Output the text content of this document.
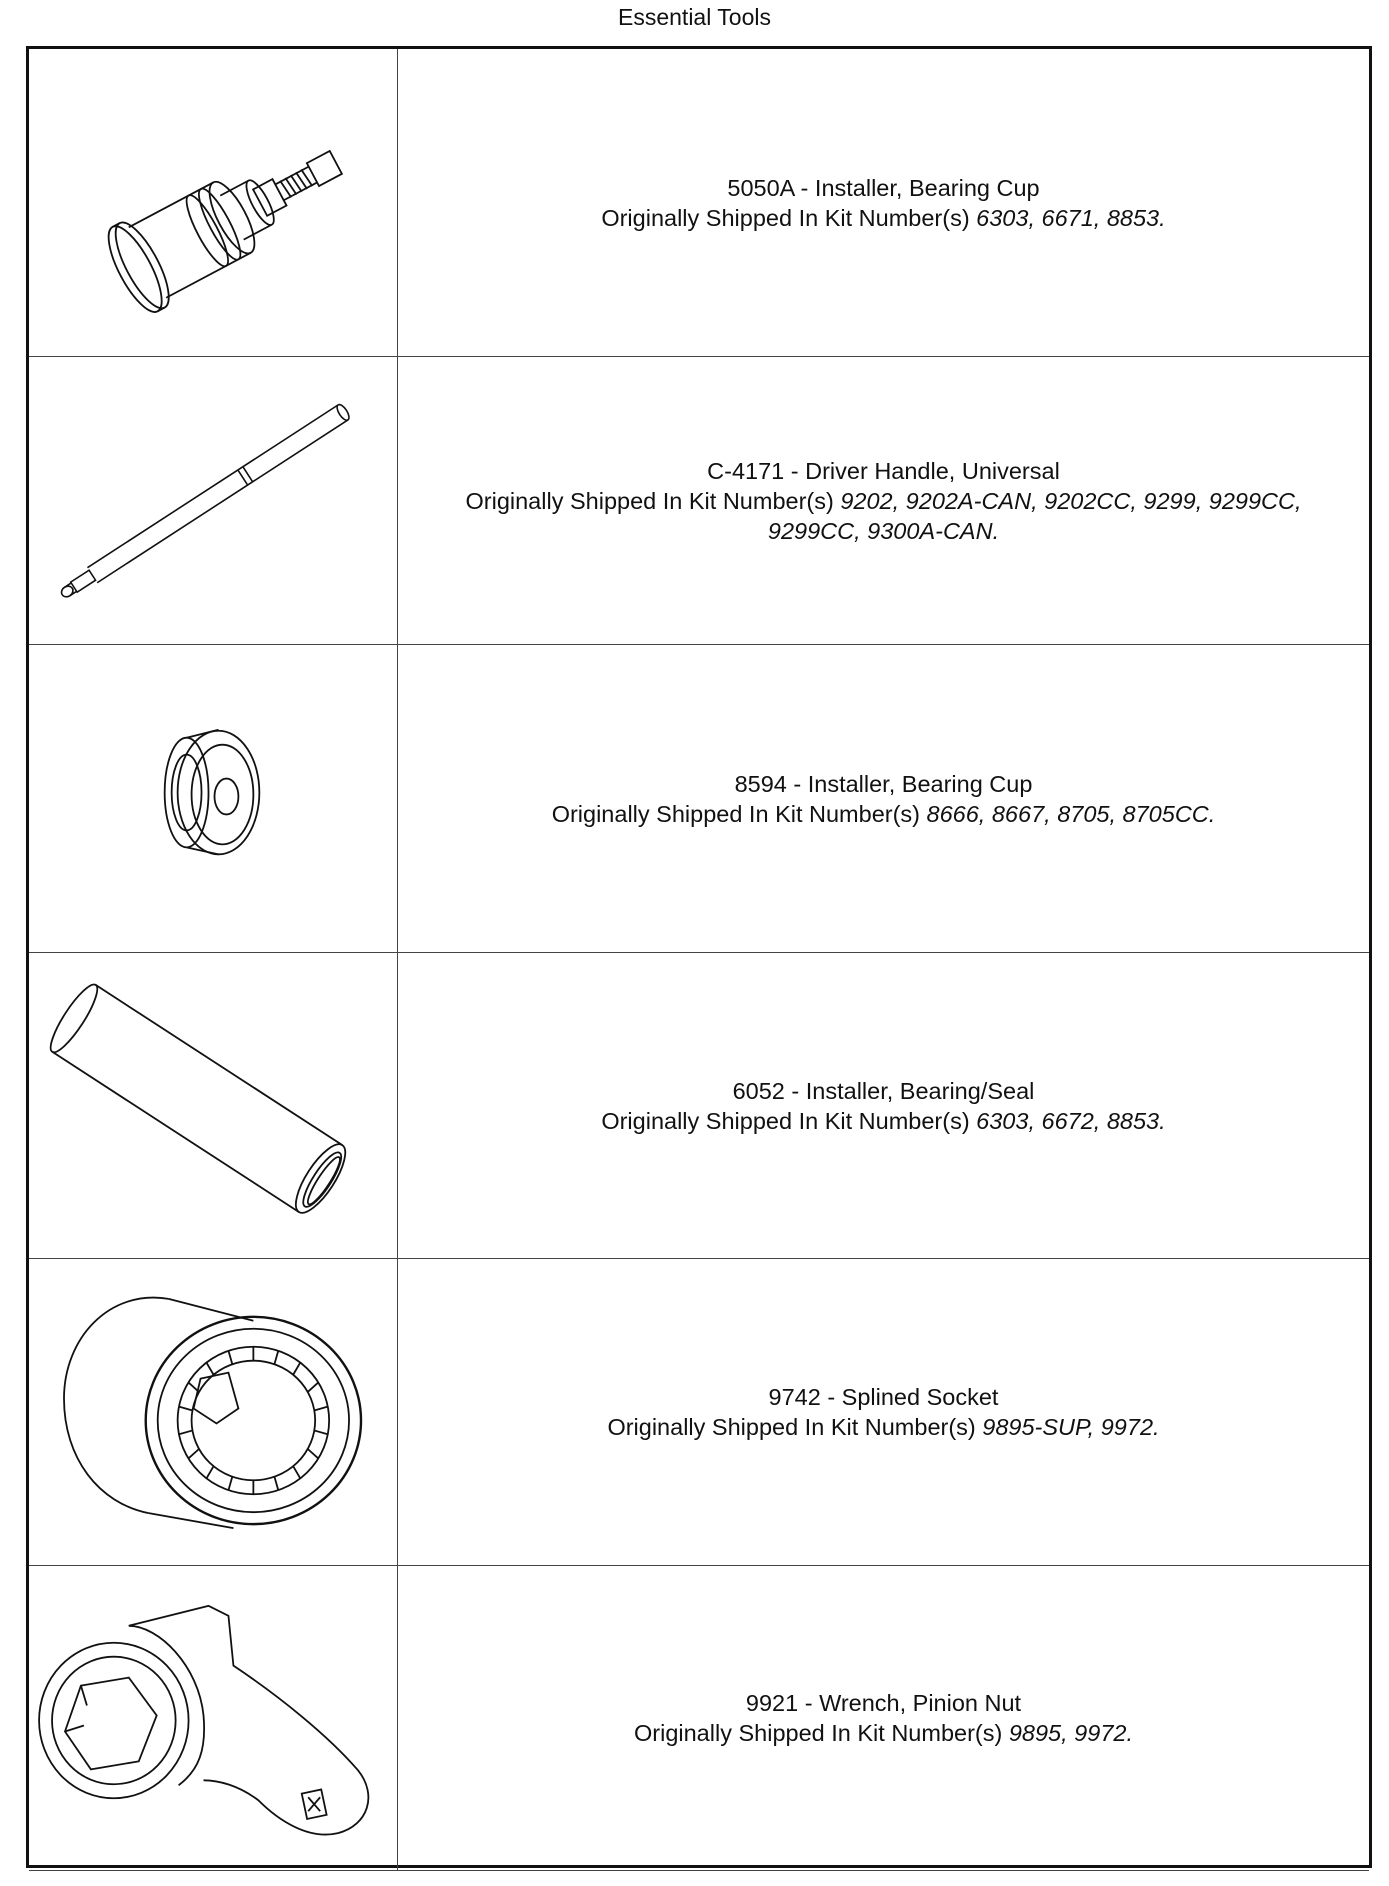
Essential Tools
5050A - Installer, Bearing Cup
Originally Shipped In Kit Number(s) 6303, 6671, 8853.
C-4171 - Driver Handle, Universal
Originally Shipped In Kit Number(s) 9202, 9202A-CAN, 9202CC, 9299, 9299CC, 9299CC, 9300A-CAN.
8594 - Installer, Bearing Cup
Originally Shipped In Kit Number(s) 8666, 8667, 8705, 8705CC.
6052 - Installer, Bearing/Seal
Originally Shipped In Kit Number(s) 6303, 6672, 8853.
9742 - Splined Socket
Originally Shipped In Kit Number(s) 9895-SUP, 9972.
9921 - Wrench, Pinion Nut
Originally Shipped In Kit Number(s) 9895, 9972.
